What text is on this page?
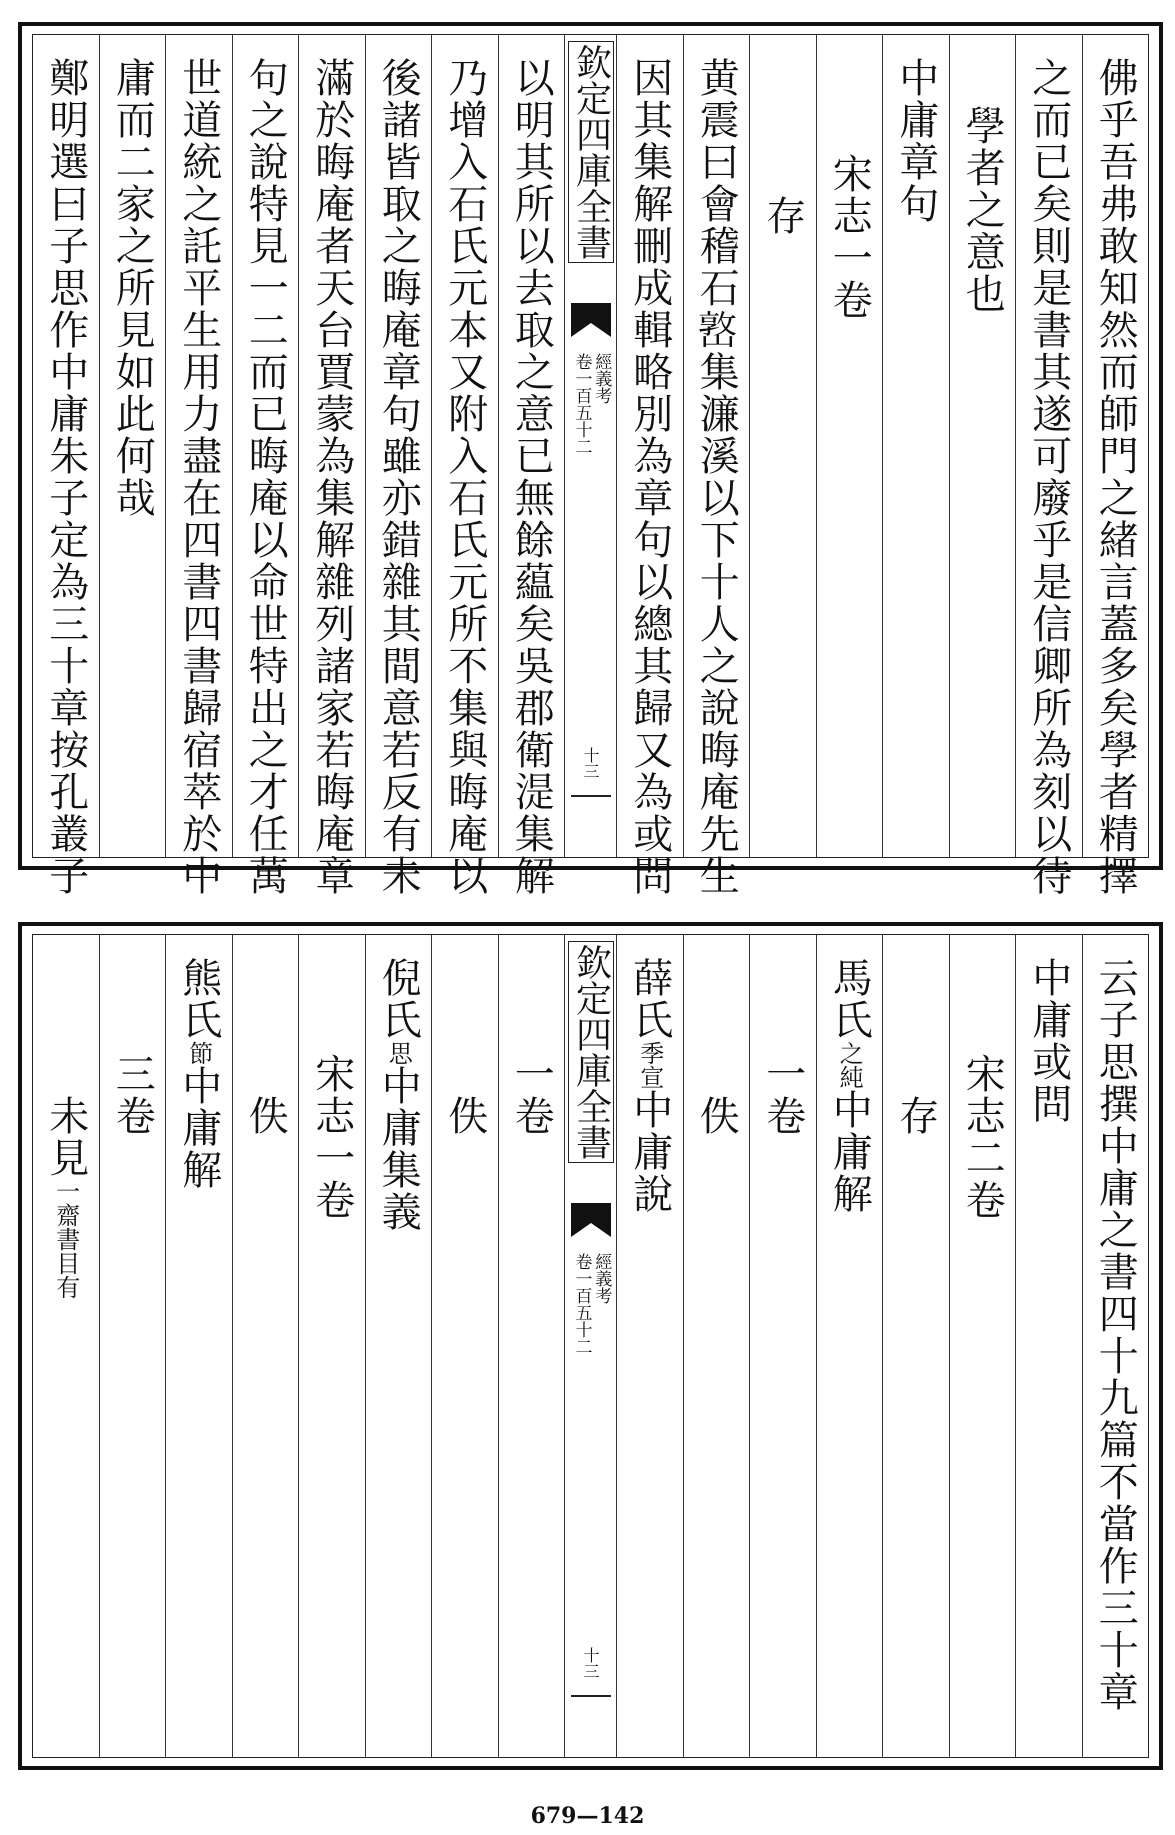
佛乎吾弗敢知然而師門之緒言蓋多矣學者精擇
之而已矣則是書其遂可廢乎是信卿所為刻以待
學者之意也
中庸章句
宋志一卷
存
黄震曰會稽石𡼖集濂溪以下十人之說晦庵先生
因其集解刪成輯略別為章句以總其歸又為或問
欽定四庫全書
經義考
卷一百五十二
十三
以明其所以去取之意已無餘藴矣吳郡衛湜集解
乃增入石氏元本又附入石氏元所不集與晦庵以
後諸皆取之晦庵章句雖亦錯雜其間意若反有未
滿於晦庵者天台賈蒙為集解雜列諸家若晦庵章
句之說特見一二而已晦庵以命世特出之才任萬
世道統之託平生用力盡在四書四書歸宿萃於中
庸而二家之所見如此何哉
鄭明選曰子思作中庸朱子定為三十章按孔叢子
云子思撰中庸之書四十九篇不當作三十章
中庸或問
宋志二卷
存
馬氏之純中庸解
一卷
佚
薛氏季宣中庸說
欽定四庫全書
經義考
卷一百五十二
十三
一卷
佚
倪氏思中庸集義
宋志一卷
佚
熊氏節中庸解
三卷
未見一齋書目有
679—142
